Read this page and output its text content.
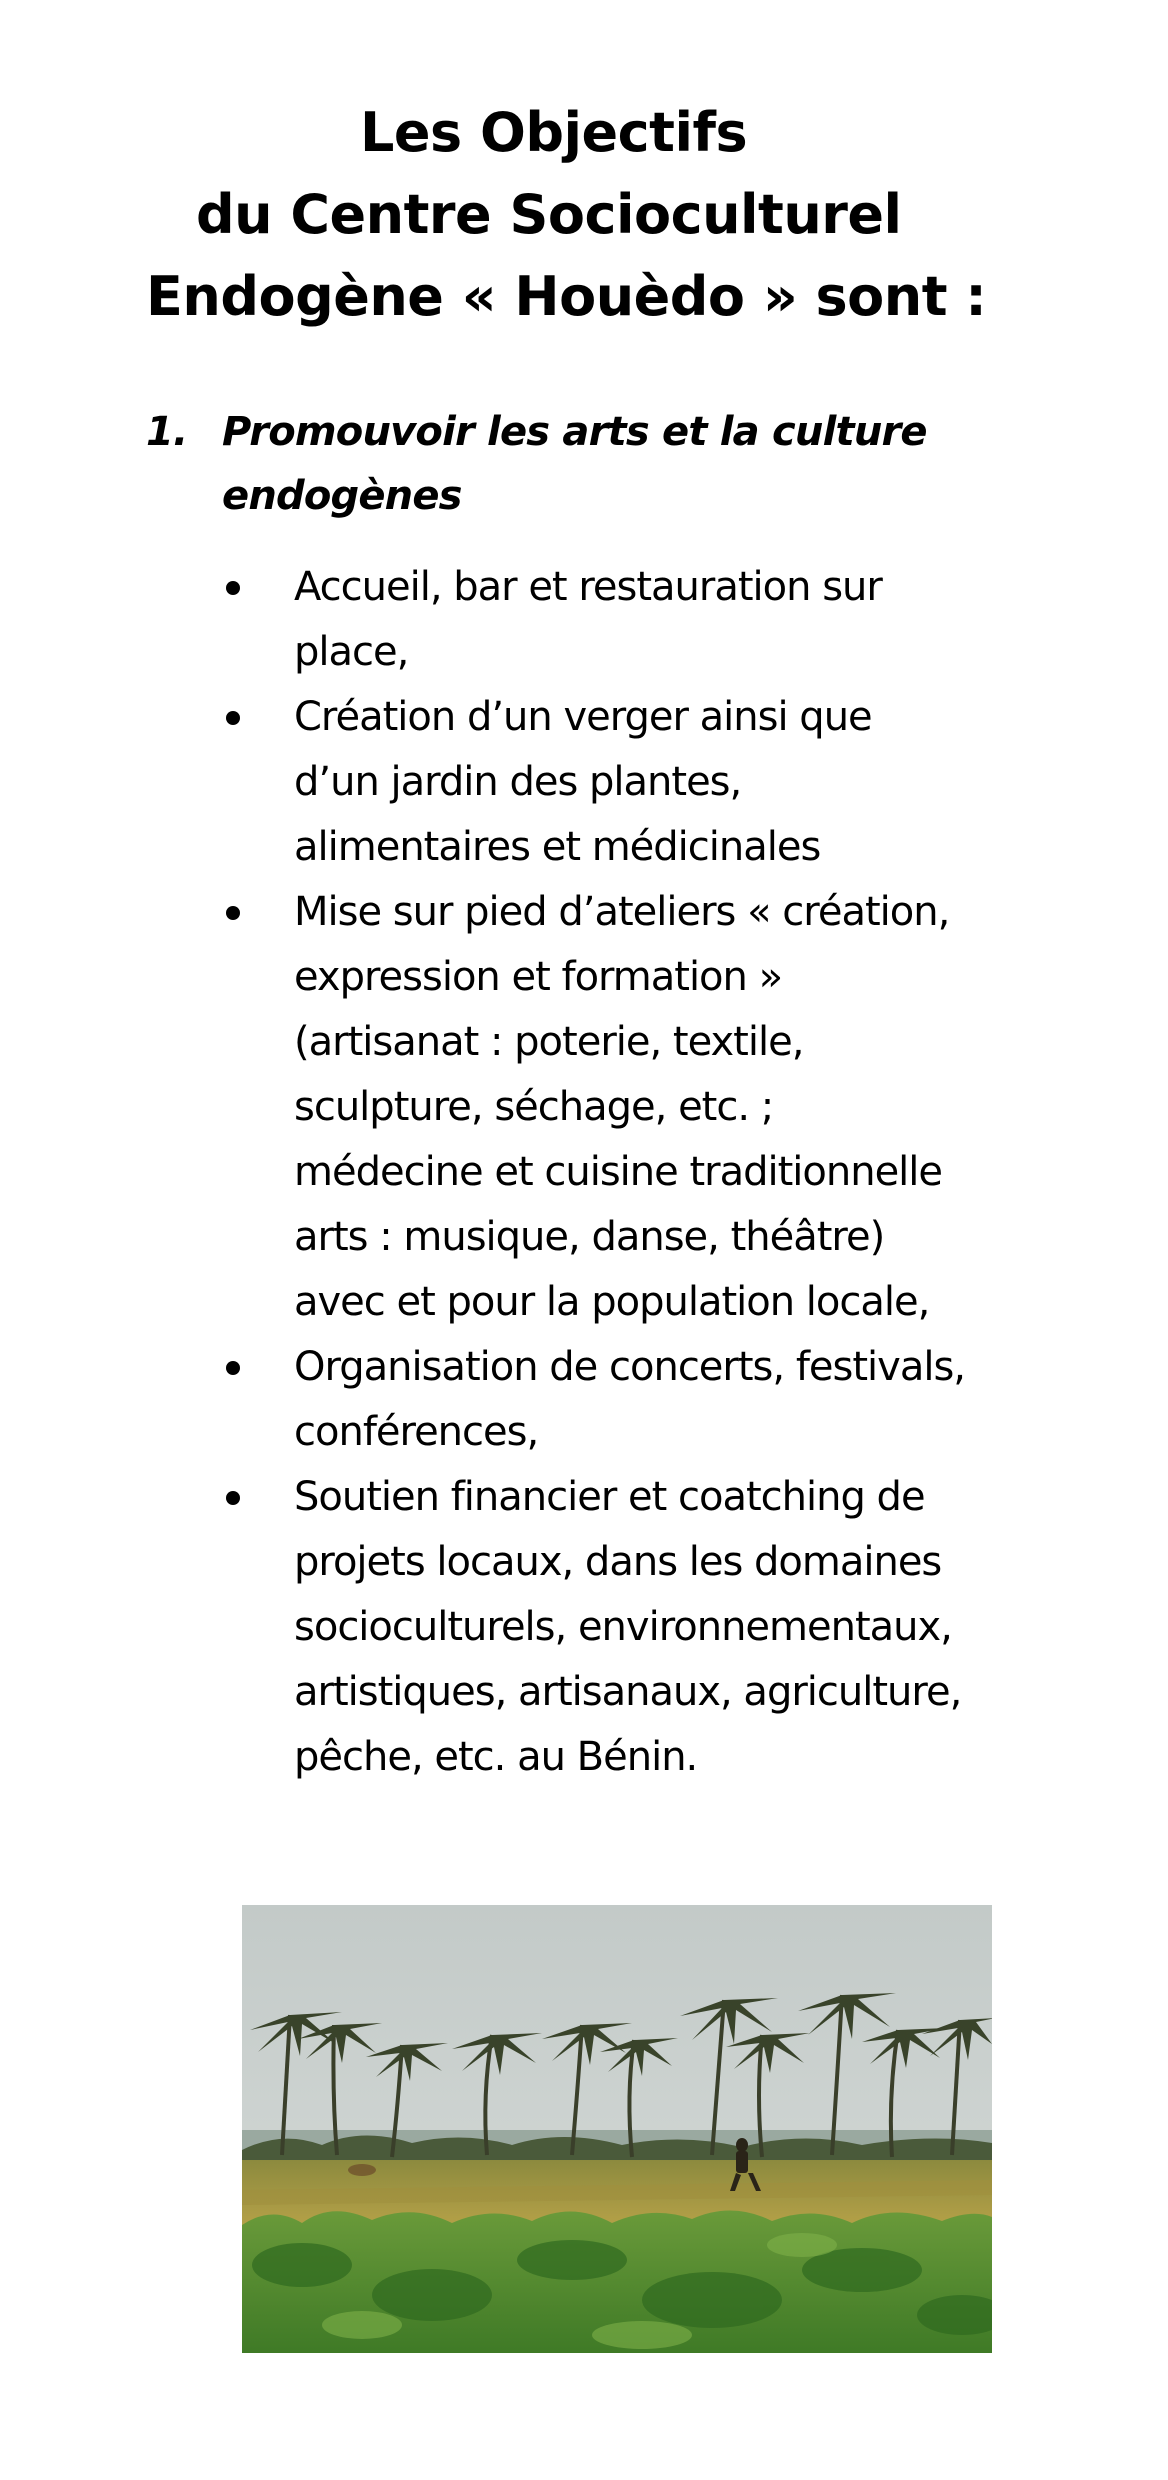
Les Objectifs
du Centre Socioculturel
Endogène « Houèdo » sont :
1. Promouvoir les arts et la culture
endogènes
Accueil, bar et restauration sur
place,
Création d’un verger ainsi que
d’un jardin des plantes,
alimentaires et médicinales
Mise sur pied d’ateliers « création,
expression et formation »
(artisanat : poterie, textile,
sculpture, séchage, etc. ;
médecine et cuisine traditionnelle
arts : musique, danse, théâtre)
avec et pour la population locale,
Organisation de concerts, festivals,
conférences,
Soutien financier et coatching de
projets locaux, dans les domaines
socioculturels, environnementaux,
artistiques, artisanaux, agriculture,
pêche, etc. au Bénin.
